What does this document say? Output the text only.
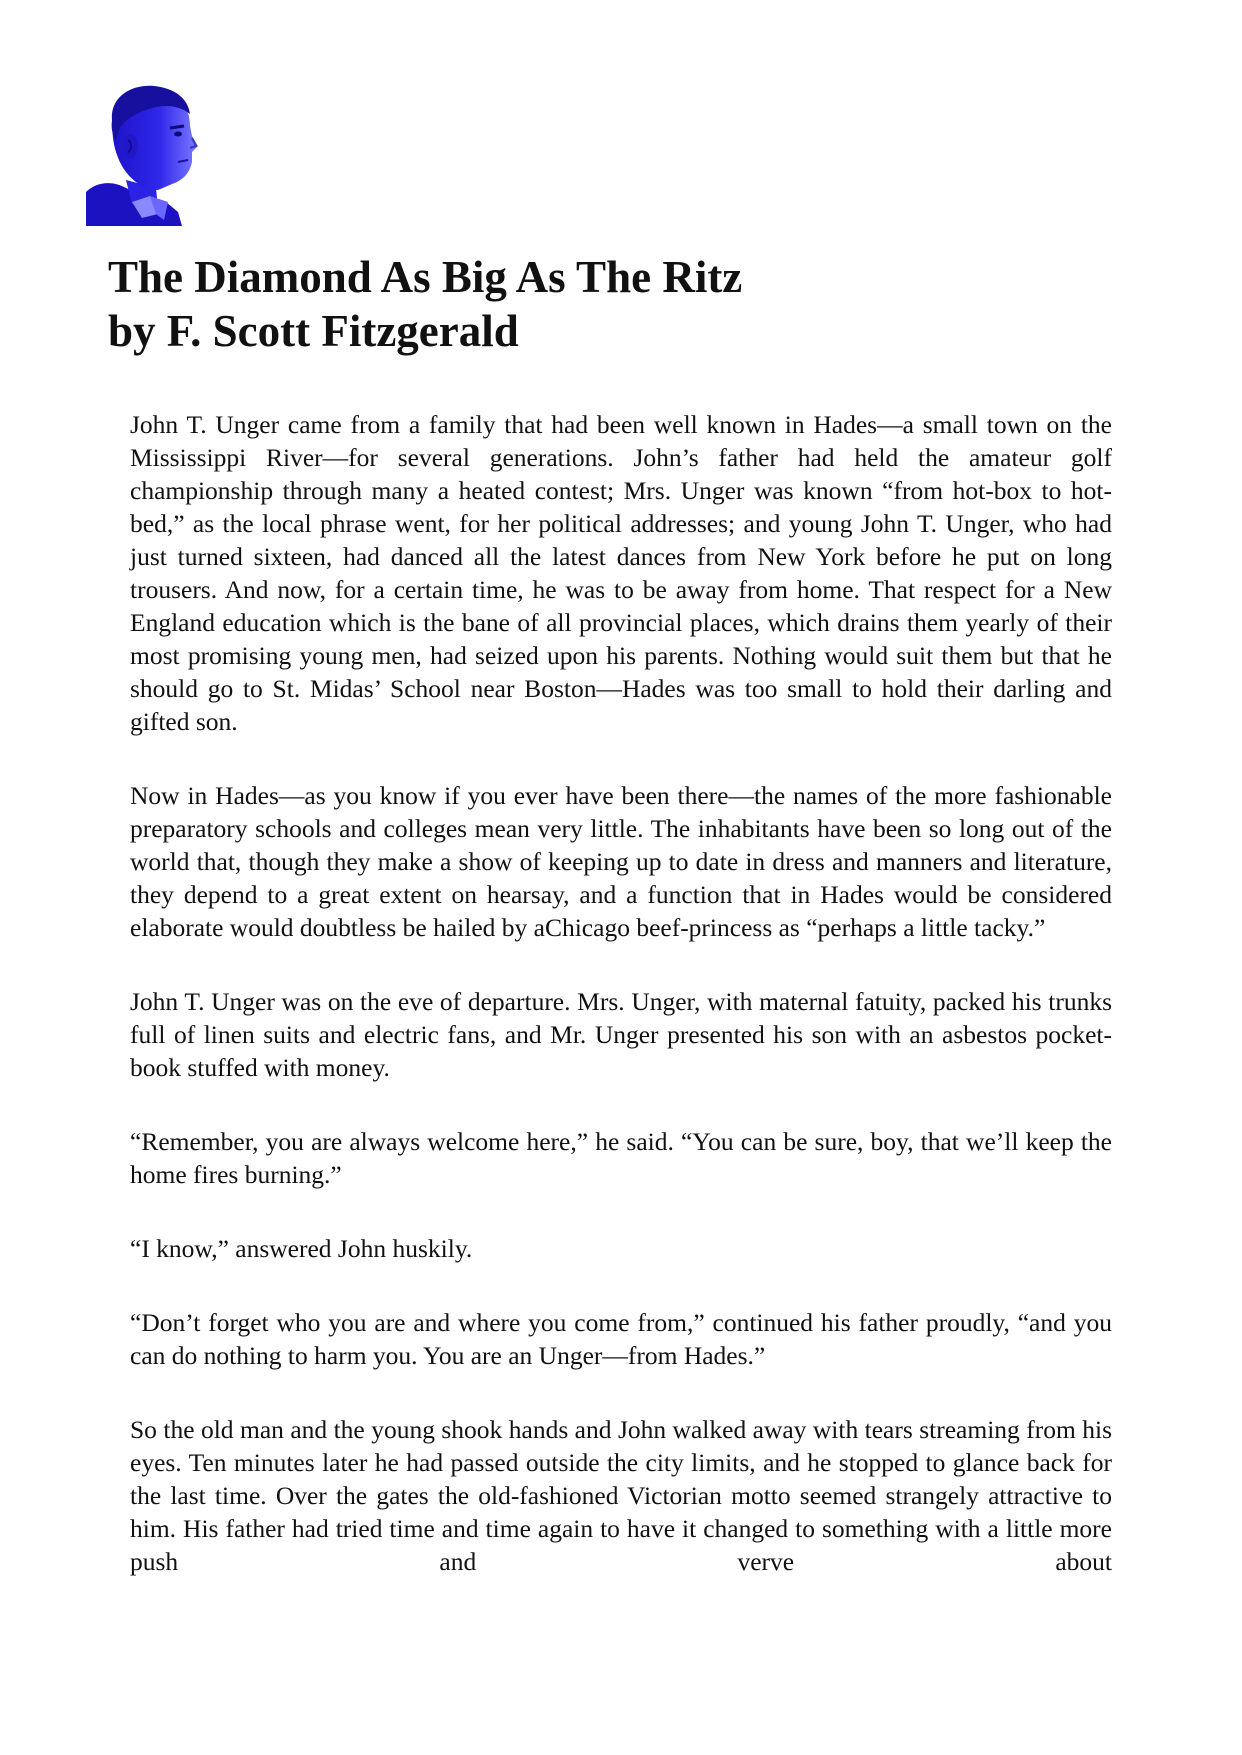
The Diamond As Big As The Ritz
by F. Scott Fitzgerald

John T. Unger came from a family that had been well known in Hades—a small town on the Mississippi River—for several generations. John’s father had held the amateur golf championship through many a heated contest; Mrs. Unger was known “from hot-box to hot-bed,” as the local phrase went, for her political addresses; and young John T. Unger, who had just turned sixteen, had danced all the latest dances from New York before he put on long trousers. And now, for a certain time, he was to be away from home. That respect for a New England education which is the bane of all provincial places, which drains them yearly of their most promising young men, had seized upon his parents. Nothing would suit them but that he should go to St. Midas’ School near Boston—Hades was too small to hold their darling and gifted son.

Now in Hades—as you know if you ever have been there—the names of the more fashionable preparatory schools and colleges mean very little. The inhabitants have been so long out of the world that, though they make a show of keeping up to date in dress and manners and literature, they depend to a great extent on hearsay, and a function that in Hades would be considered elaborate would doubtless be hailed by aChicago beef-princess as “perhaps a little tacky.”

John T. Unger was on the eve of departure. Mrs. Unger, with maternal fatuity, packed his trunks full of linen suits and electric fans, and Mr. Unger presented his son with an asbestos pocket-book stuffed with money.

“Remember, you are always welcome here,” he said. “You can be sure, boy, that we’ll keep the home fires burning.”

“I know,” answered John huskily.

“Don’t forget who you are and where you come from,” continued his father proudly, “and you can do nothing to harm you. You are an Unger—from Hades.”

So the old man and the young shook hands and John walked away with tears streaming from his eyes. Ten minutes later he had passed outside the city limits, and he stopped to glance back for the last time. Over the gates the old-fashioned Victorian motto seemed strangely attractive to him. His father had tried time and time again to have it changed to something with a little more push and verve about
